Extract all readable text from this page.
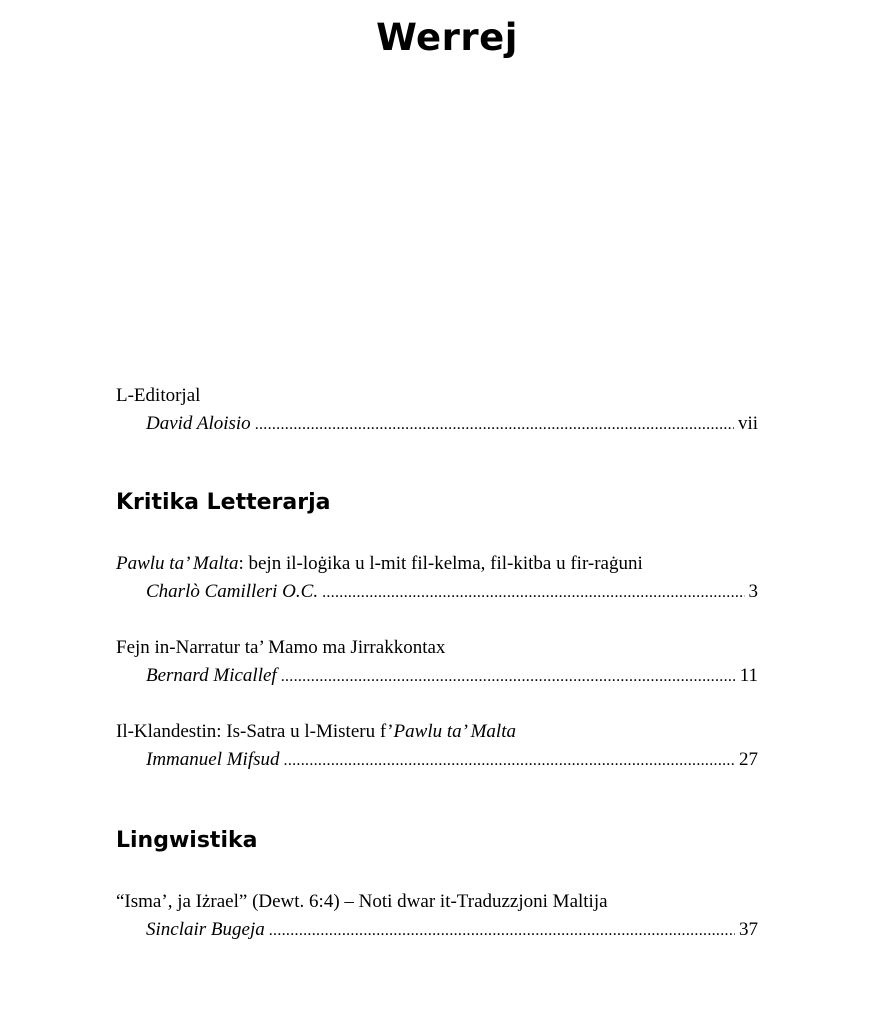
Werrej
L-Editorjal
David Aloisio .....	vii
Kritika Letterarja
Pawlu ta’ Malta: bejn il-loġika u l-mit fil-kelma, fil-kitba u fir-raġuni
Charlò Camilleri O.C. .....	3
Fejn in-Narratur ta’ Mamo ma Jirrakkontax
Bernard Micallef .....	11
Il-Klandestin: Is-Satra u l-Misteru f’Pawlu ta’ Malta
Immanuel Mifsud .....	27
Lingwistika
“Isma’, ja Iżrael” (Dewt. 6:4) – Noti dwar it-Traduzzjoni Maltija
Sinclair Bugeja .....	37
